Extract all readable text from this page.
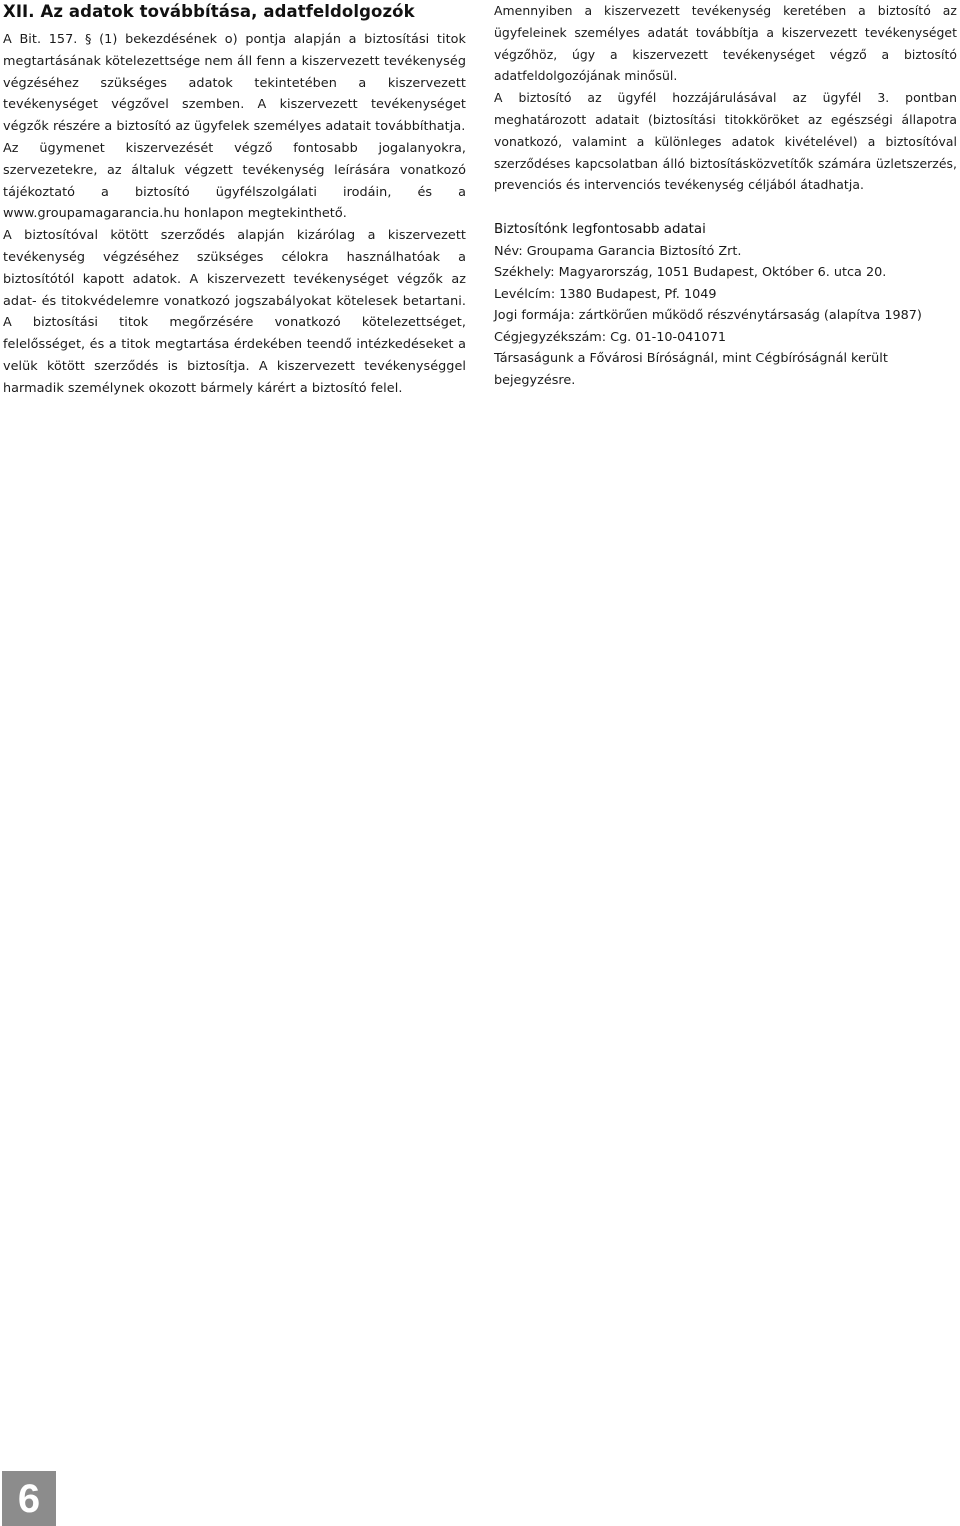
XII. Az adatok továbbítása, adatfeldolgozók

A Bit. 157. § (1) bekezdésének o) pontja alapján a biztosítási titok megtartásának kötelezettsége nem áll fenn a kiszervezett tevékenység végzéséhez szükséges adatok tekintetében a kiszervezett tevékenységet végzővel szemben. A kiszervezett tevékenységet végzők részére a biztosító az ügyfelek személyes adatait továbbíthatja.

Az ügymenet kiszervezését végző fontosabb jogalanyokra, szervezetekre, az általuk végzett tevékenység leírására vonatkozó tájékoztató a biztosító ügyfélszolgálati irodáin, és a www.groupamagarancia.hu honlapon megtekinthető.

A biztosítóval kötött szerződés alapján kizárólag a kiszervezett tevékenység végzéséhez szükséges célokra használhatóak a biztosítótól kapott adatok. A kiszervezett tevékenységet végzők az adat- és titokvédelemre vonatkozó jogszabályokat kötelesek betartani. A biztosítási titok megőrzésére vonatkozó kötelezettséget, felelősséget, és a titok megtartása érdekében teendő intézkedéseket a velük kötött szerződés is biztosítja. A kiszervezett tevékenységgel harmadik személynek okozott bármely kárért a biztosító felel.

Amennyiben a kiszervezett tevékenység keretében a biztosító az ügyfeleinek személyes adatát továbbítja a kiszervezett tevékenységet végzőhöz, úgy a kiszervezett tevékenységet végző a biztosító adatfeldolgozójának minősül.

A biztosító az ügyfél hozzájárulásával az ügyfél 3. pontban meghatározott adatait (biztosítási titokköröket az egészségi állapotra vonatkozó, valamint a különleges adatok kivételével) a biztosítóval szerződéses kapcsolatban álló biztosításközvetítők számára üzletszerzés, prevenciós és intervenciós tevékenység céljából átadhatja.

Biztosítónk legfontosabb adatai

Név: Groupama Garancia Biztosító Zrt.

Székhely: Magyarország, 1051 Budapest, Október 6. utca 20.

Levélcím: 1380 Budapest, Pf. 1049

Jogi formája: zártkörűen működő részvénytársaság (alapítva 1987)

Cégjegyzékszám: Cg. 01-10-041071

Társaságunk a Fővárosi Bíróságnál, mint Cégbíróságnál került bejegyzésre.

6
